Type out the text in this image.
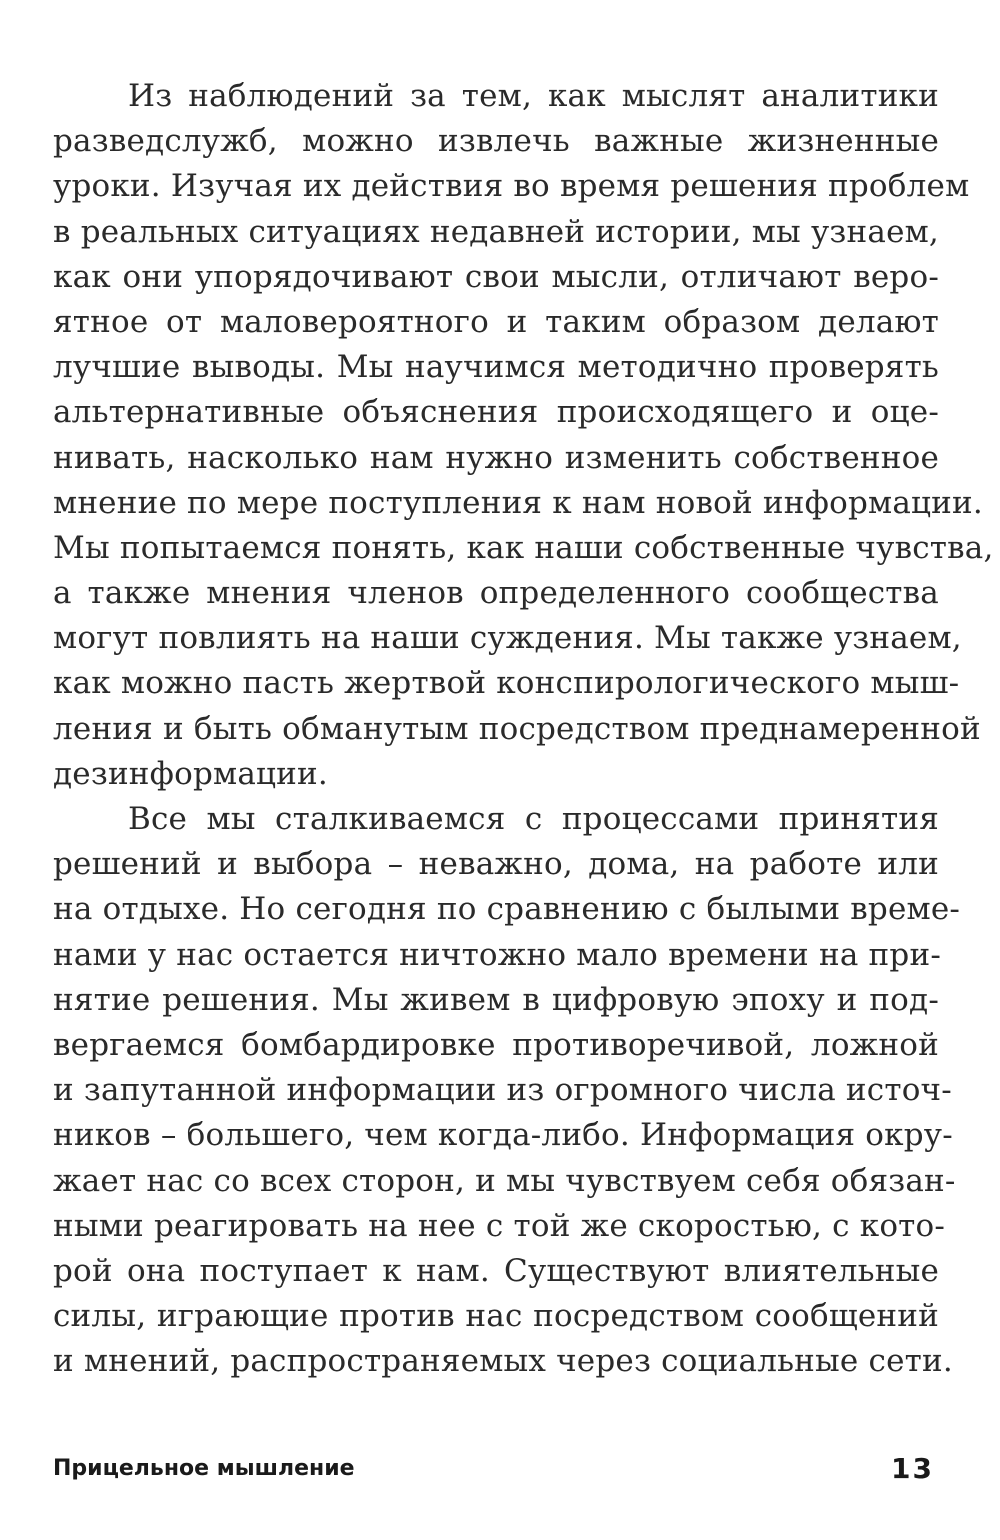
Из наблюдений за тем, как мыслят аналитики
разведслужб, можно извлечь важные жизненные
уроки. Изучая их действия во время решения проблем
в реальных ситуациях недавней истории, мы узнаем,
как они упорядочивают свои мысли, отличают веро-
ятное от маловероятного и таким образом делают
лучшие выводы. Мы научимся методично проверять
альтернативные объяснения происходящего и оце-
нивать, насколько нам нужно изменить собственное
мнение по мере поступления к нам новой информации.
Мы попытаемся понять, как наши собственные чувства,
а также мнения членов определенного сообщества
могут повлиять на наши суждения. Мы также узнаем,
как можно пасть жертвой конспирологического мыш-
ления и быть обманутым посредством преднамеренной
дезинформации.
Все мы сталкиваемся с процессами принятия
решений и выбора – неважно, дома, на работе или
на отдыхе. Но сегодня по сравнению с былыми време-
нами у нас остается ничтожно мало времени на при-
нятие решения. Мы живем в цифровую эпоху и под-
вергаемся бомбардировке противоречивой, ложной
и запутанной информации из огромного числа источ-
ников – большего, чем когда-либо. Информация окру-
жает нас со всех сторон, и мы чувствуем себя обязан-
ными реагировать на нее с той же скоростью, с кото-
рой она поступает к нам. Существуют влиятельные
силы, играющие против нас посредством сообщений
и мнений, распространяемых через социальные сети.
Прицельное мышление	13
